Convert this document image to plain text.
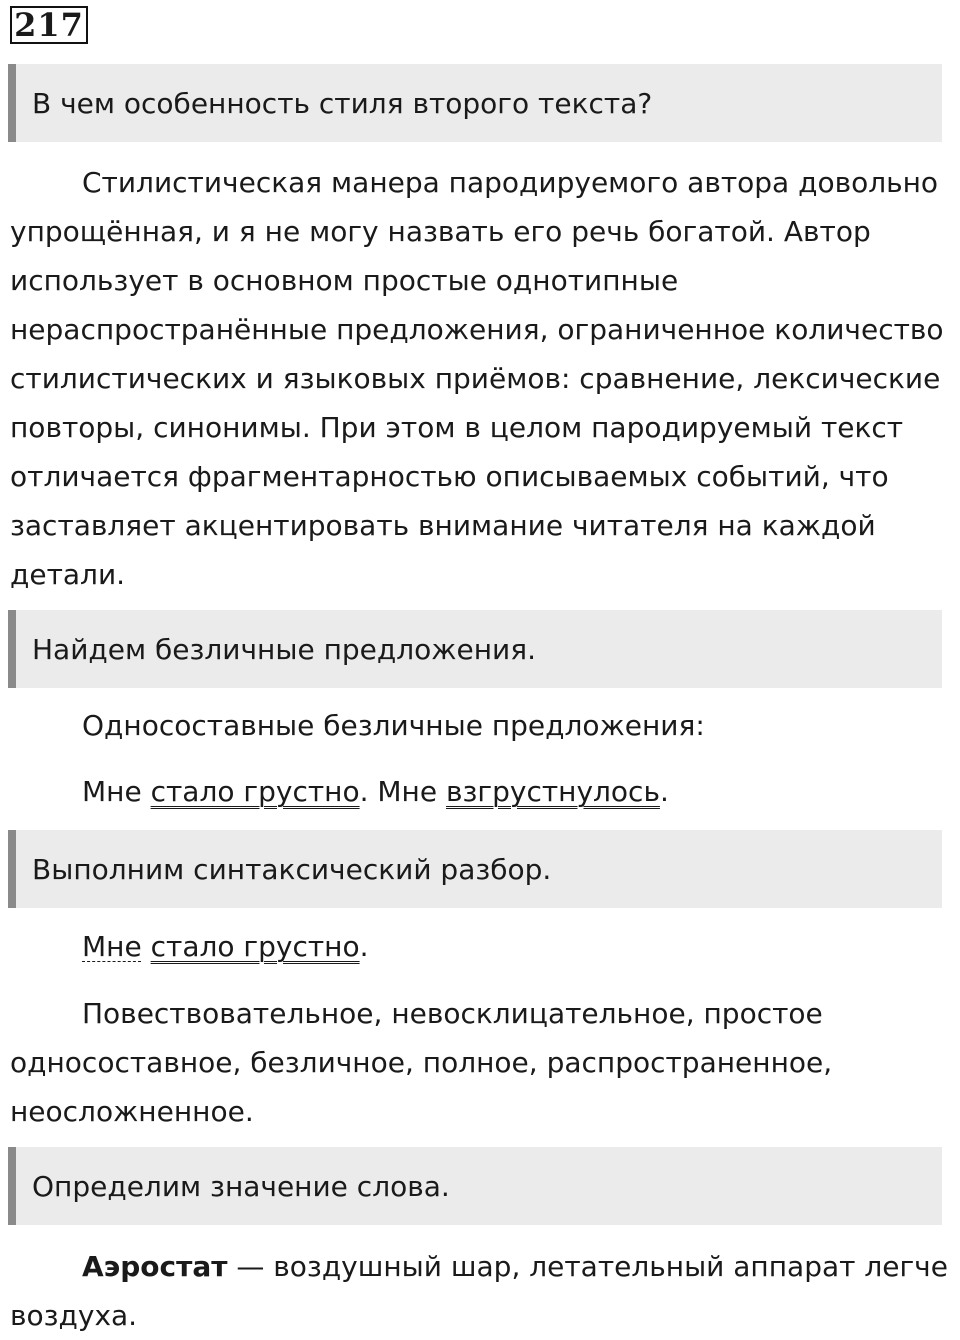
217
В чем особенность стиля второго текста?

Стилистическая манера пародируемого автора довольно упрощённая, и я не могу назвать его речь богатой. Автор использует в основном простые однотипные нераспространённые предложения, ограниченное количество стилистических и языковых приёмов: сравнение, лексические повторы, синонимы. При этом в целом пародируемый текст отличается фрагментарностью описываемых событий, что заставляет акцентировать внимание читателя на каждой детали.

Найдем безличные предложения.
Односоставные безличные предложения:
Мне стало грустно. Мне взгрустнулось.
Выполним синтаксический разбор.
Мне стало грустно.

Повествовательное, невосклицательное, простое односоставное, безличное, полное, распространенное, неосложненное.

Определим значение слова.

Аэростат — воздушный шар, летательный аппарат легче воздуха.
